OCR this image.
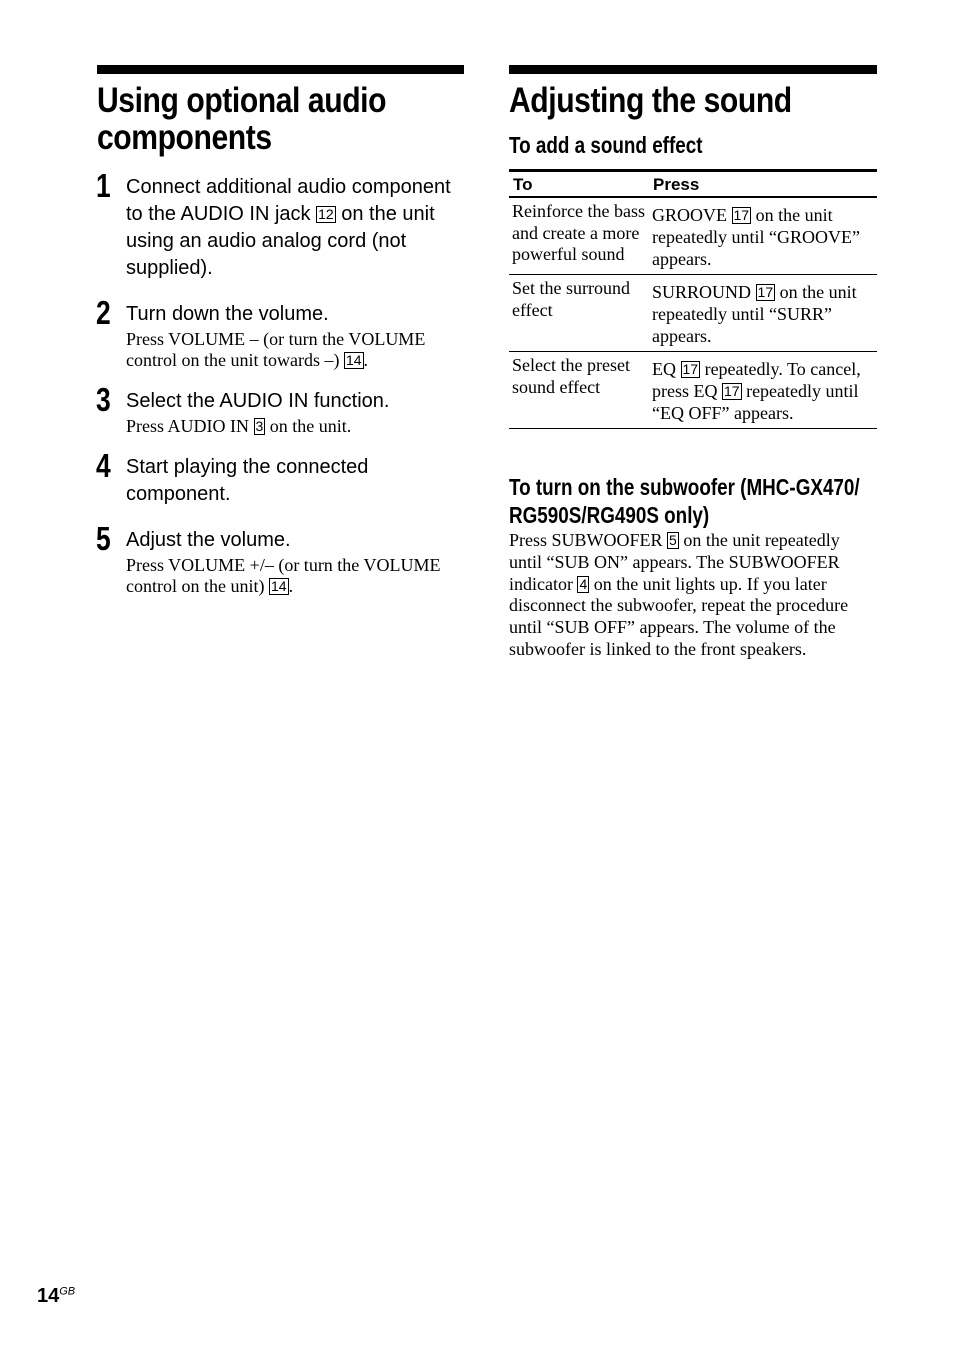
Using optional audio components
1 Connect additional audio component to the AUDIO IN jack 12 on the unit using an audio analog cord (not supplied).
2 Turn down the volume.
Press VOLUME – (or turn the VOLUME control on the unit towards –) 14 .
3 Select the AUDIO IN function.
Press AUDIO IN 3 on the unit.
4 Start playing the connected component.
5 Adjust the volume.
Press VOLUME +/– (or turn the VOLUME control on the unit) 14 .
Adjusting the sound
To add a sound effect
To	Press
Reinforce the bass and create a more powerful sound	GROOVE 17 on the unit repeatedly until “GROOVE” appears.
Set the surround effect	SURROUND 17 on the unit repeatedly until “SURR” appears.
Select the preset sound effect	EQ 17 repeatedly. To cancel, press EQ 17 repeatedly until “EQ OFF” appears.
To turn on the subwoofer (MHC-GX470/ RG590S/RG490S only)
Press SUBWOOFER 5 on the unit repeatedly until “SUB ON” appears. The SUBWOOFER indicator 4 on the unit lights up. If you later disconnect the subwoofer, repeat the procedure until “SUB OFF” appears. The volume of the subwoofer is linked to the front speakers.
$14^{GB}$
